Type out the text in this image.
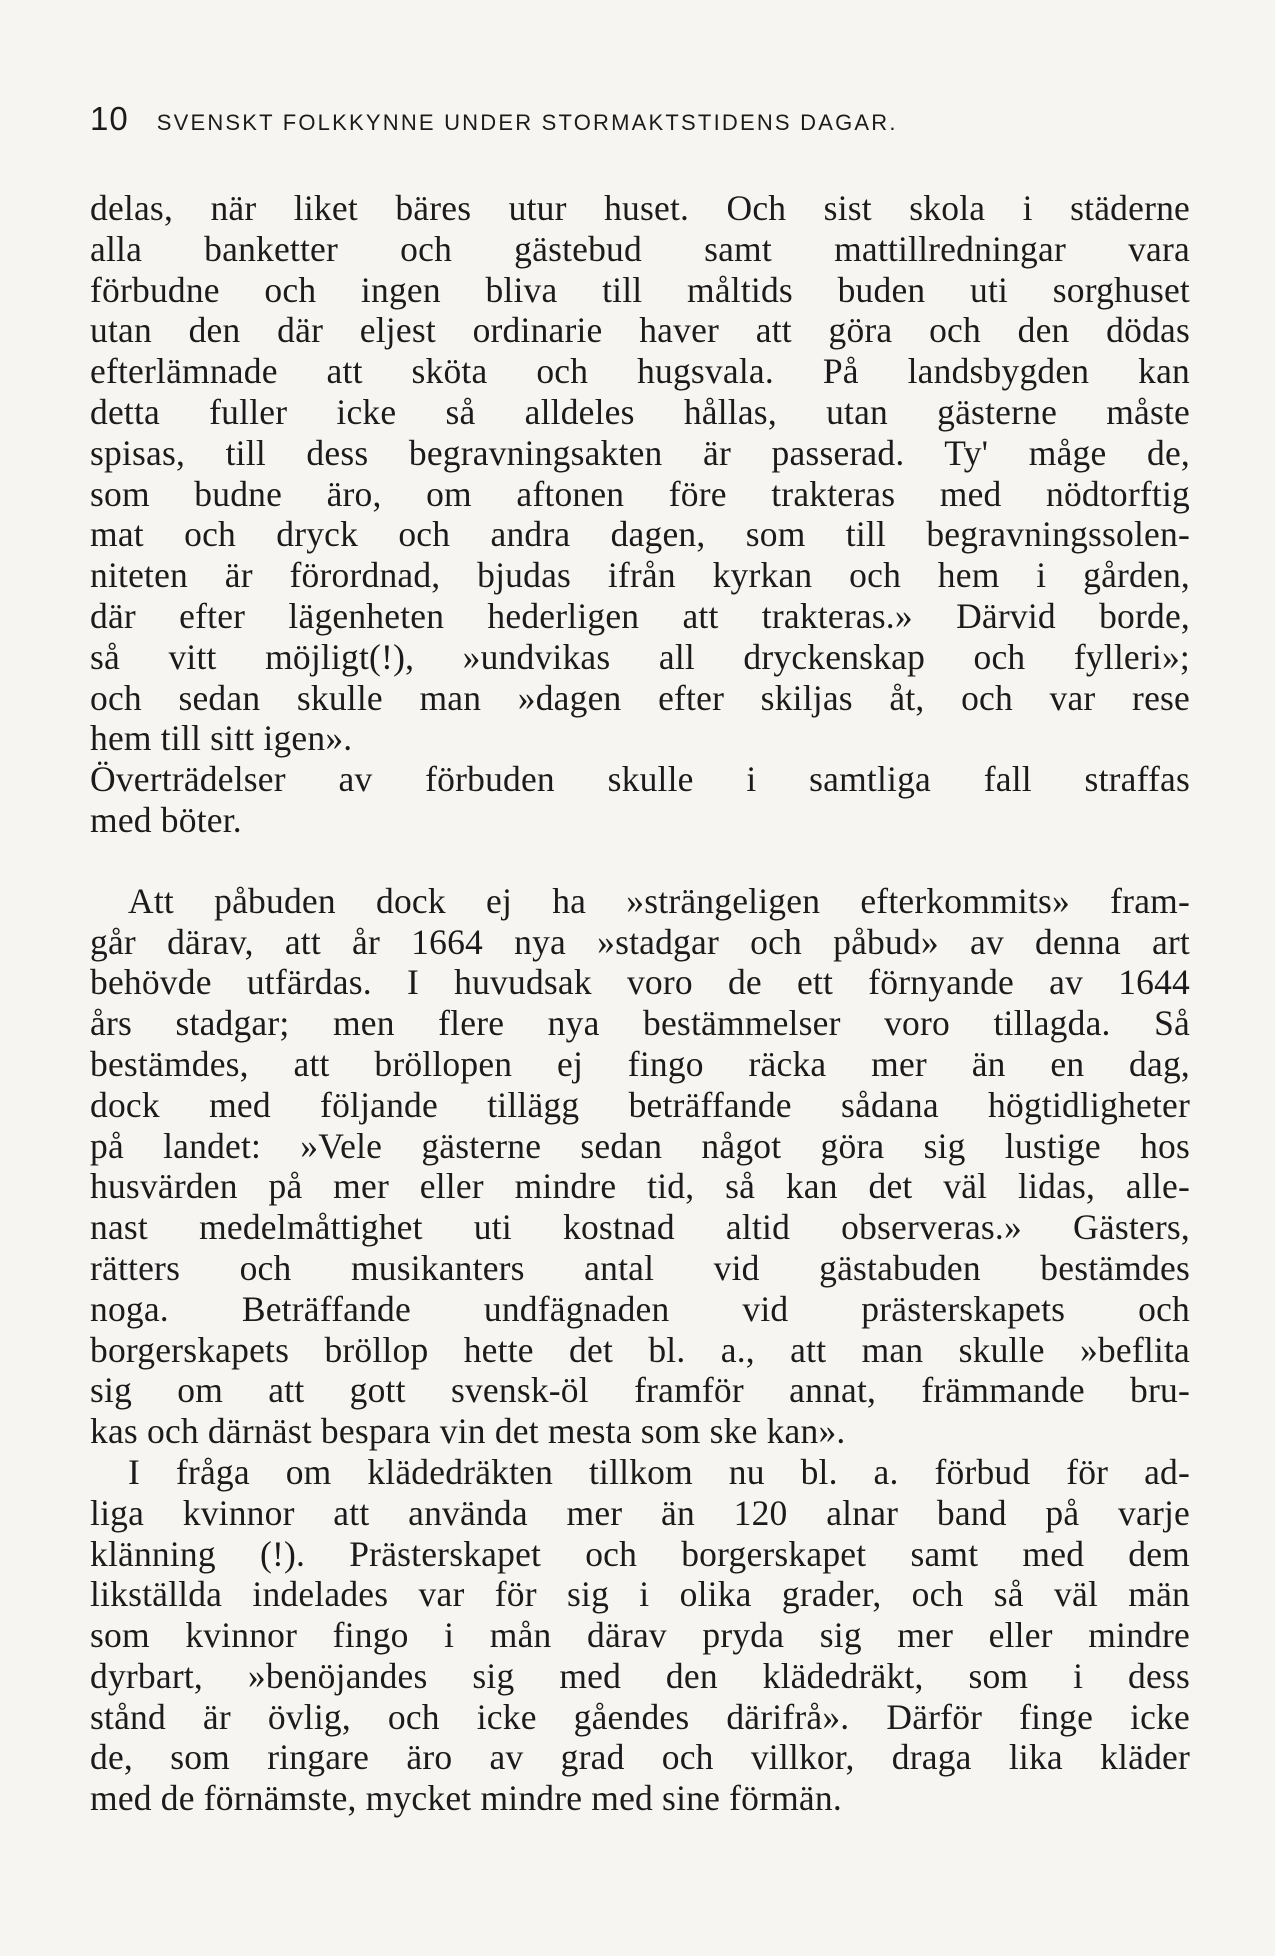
10 SVENSKT FOLKKYNNE UNDER STORMAKTSTIDENS DAGAR.
delas, när liket bäres utur huset. Och sist skola i städerne
alla banketter och gästebud samt mattillredningar vara
förbudne och ingen bliva till måltids buden uti sorghuset
utan den där eljest ordinarie haver att göra och den dödas
efterlämnade att sköta och hugsvala. På landsbygden kan
detta fuller icke så alldeles hållas, utan gästerne måste
spisas, till dess begravningsakten är passerad. Ty' måge de,
som budne äro, om aftonen före trakteras med nödtorftig
mat och dryck och andra dagen, som till begravningssolen-
niteten är förordnad, bjudas ifrån kyrkan och hem i gården,
där efter lägenheten hederligen att trakteras.» Därvid borde,
så vitt möjligt(!), »undvikas all dryckenskap och fylleri»;
och sedan skulle man »dagen efter skiljas åt, och var rese
hem till sitt igen».
Överträdelser av förbuden skulle i samtliga fall straffas
med böter.
Att påbuden dock ej ha »strängeligen efterkommits» fram-
går därav, att år 1664 nya »stadgar och påbud» av denna art
behövde utfärdas. I huvudsak voro de ett förnyande av 1644
års stadgar; men flere nya bestämmelser voro tillagda. Så
bestämdes, att bröllopen ej fingo räcka mer än en dag,
dock med följande tillägg beträffande sådana högtidligheter
på landet: »Vele gästerne sedan något göra sig lustige hos
husvärden på mer eller mindre tid, så kan det väl lidas, alle-
nast medelmåttighet uti kostnad altid observeras.» Gästers,
rätters och musikanters antal vid gästabuden bestämdes
noga. Beträffande undfägnaden vid prästerskapets och
borgerskapets bröllop hette det bl. a., att man skulle »beflita
sig om att gott svensk-öl framför annat, främmande bru-
kas och därnäst bespara vin det mesta som ske kan».
I fråga om klädedräkten tillkom nu bl. a. förbud för ad-
liga kvinnor att använda mer än 120 alnar band på varje
klänning (!). Prästerskapet och borgerskapet samt med dem
likställda indelades var för sig i olika grader, och så väl män
som kvinnor fingo i mån därav pryda sig mer eller mindre
dyrbart, »benöjandes sig med den klädedräkt, som i dess
stånd är övlig, och icke gåendes därifrå». Därför finge icke
de, som ringare äro av grad och villkor, draga lika kläder
med de förnämste, mycket mindre med sine förmän.
